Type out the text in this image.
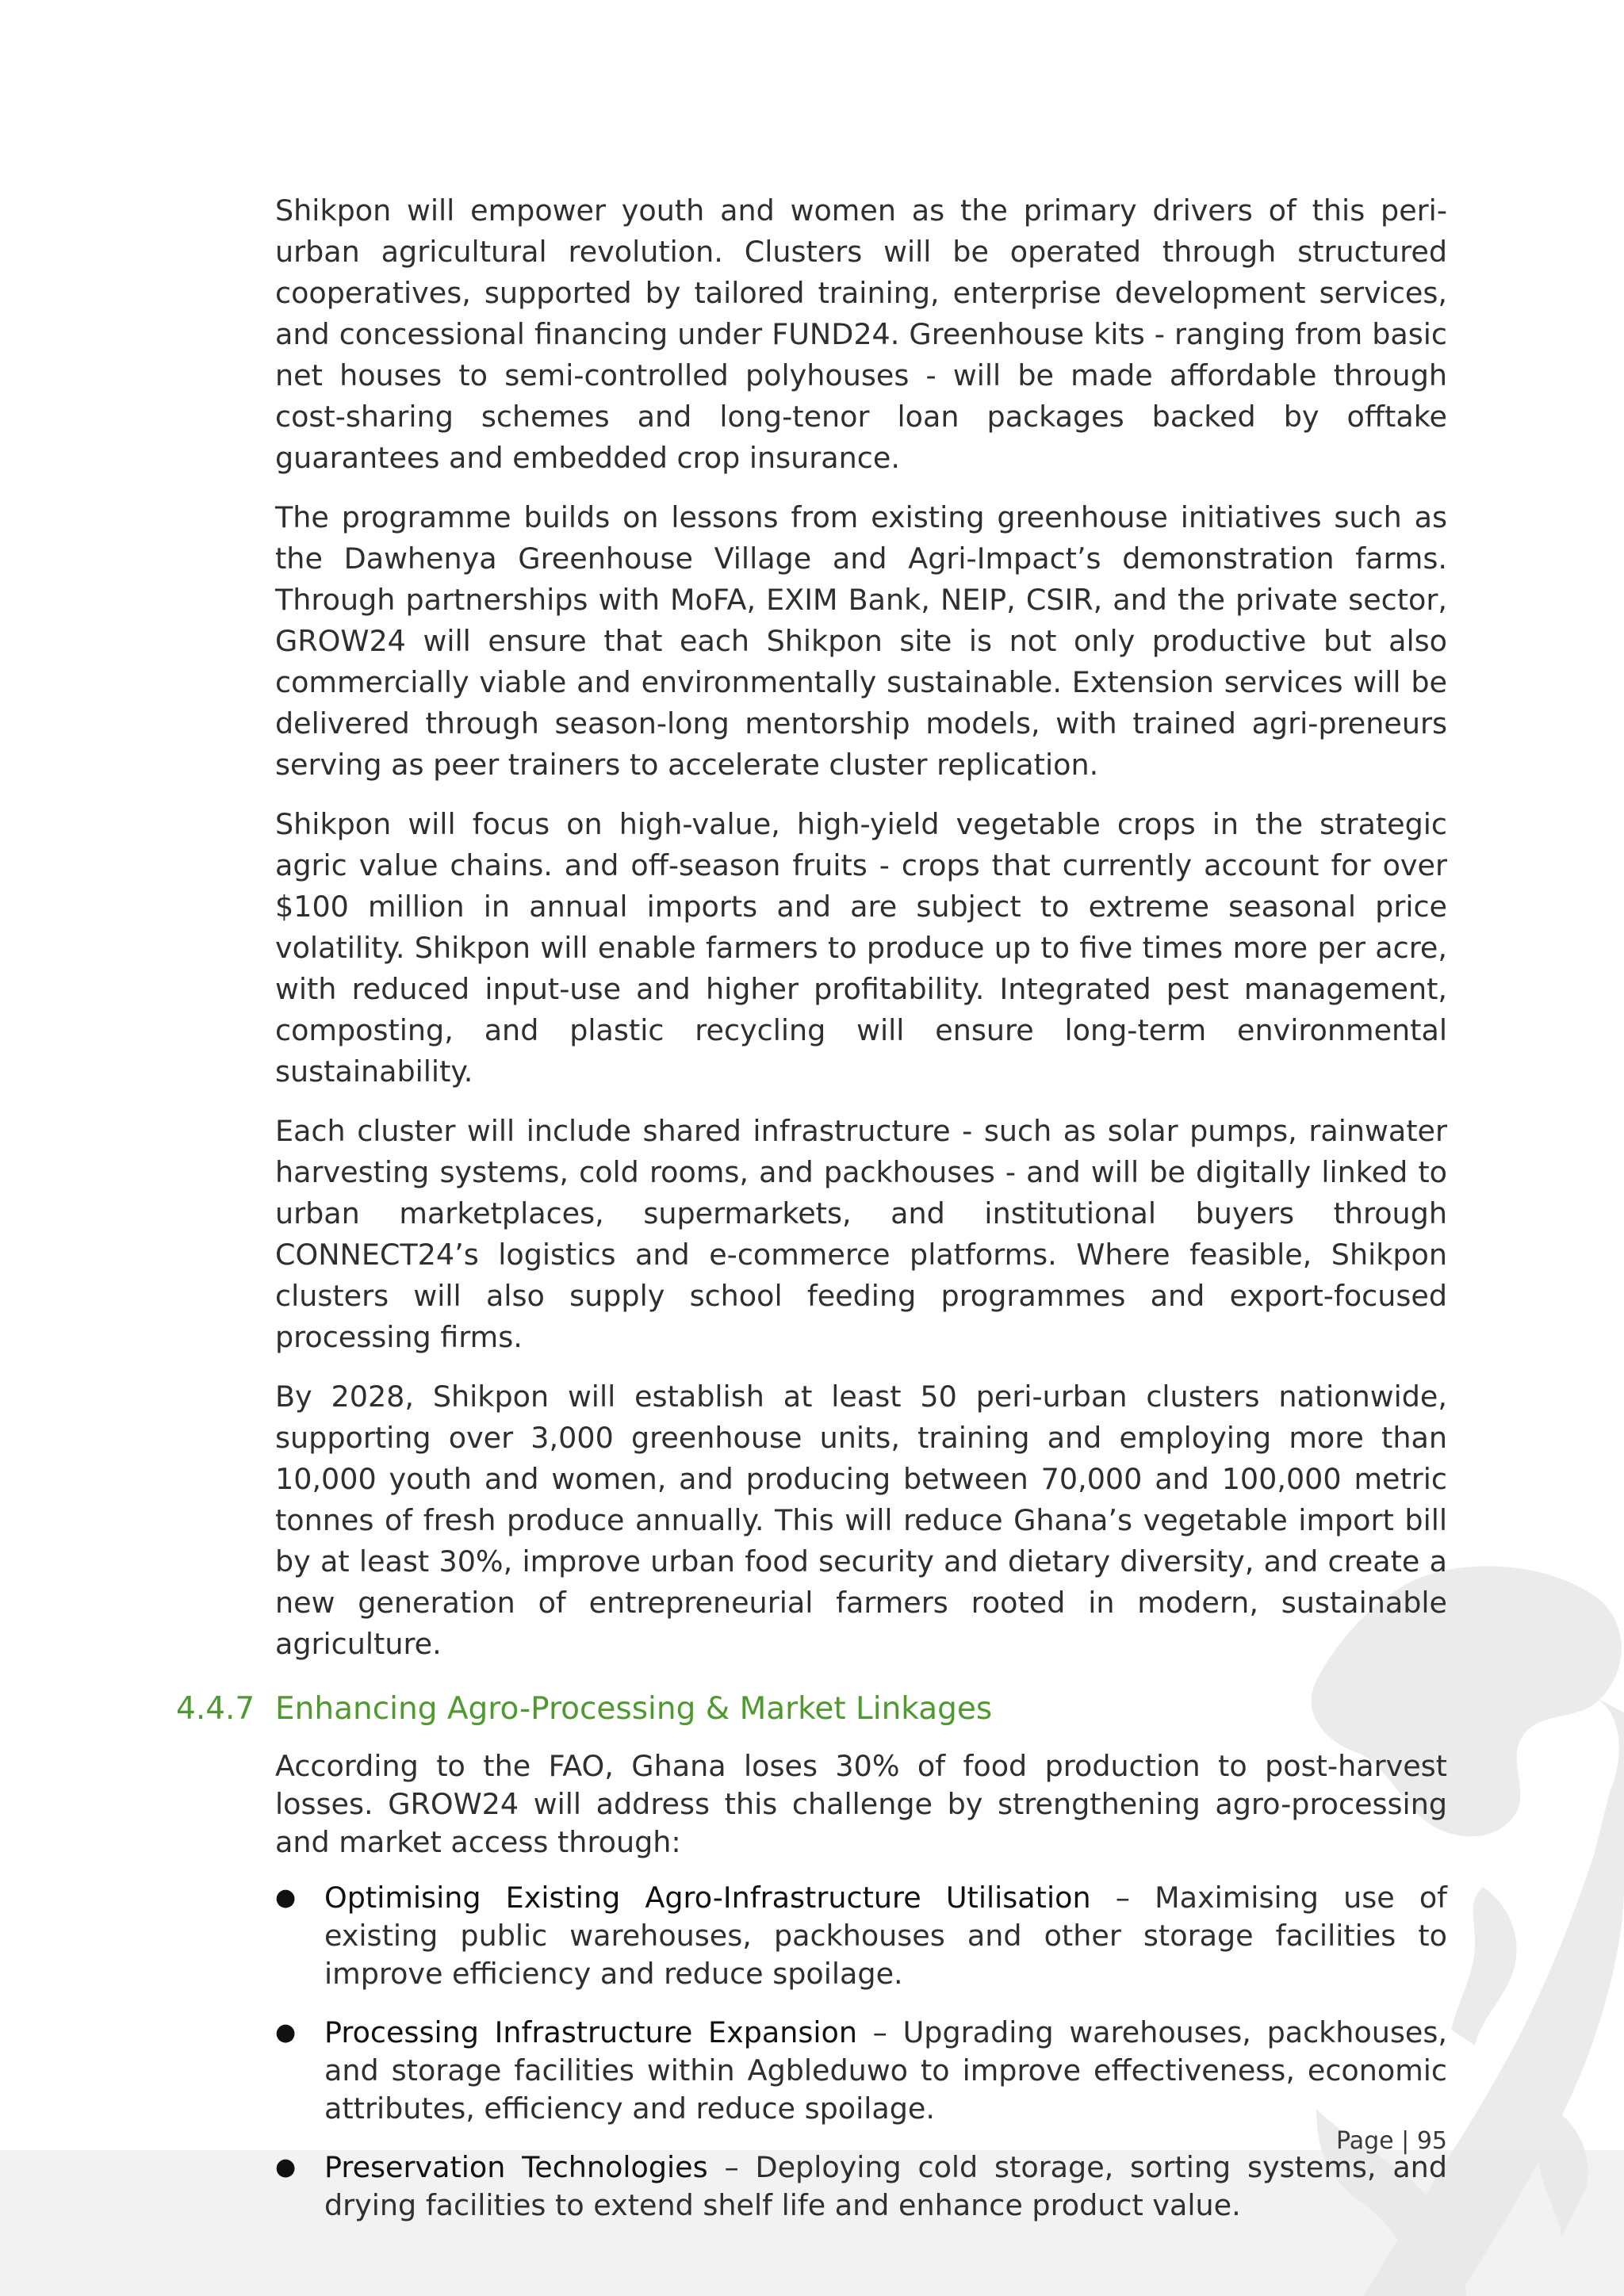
Shikpon will empower youth and women as the primary drivers of this peri-urban agricultural revolution. Clusters will be operated through structured cooperatives, supported by tailored training, enterprise development services, and concessional financing under FUND24. Greenhouse kits - ranging from basic net houses to semi-controlled polyhouses - will be made affordable through cost-sharing schemes and long-tenor loan packages backed by offtake guarantees and embedded crop insurance.

The programme builds on lessons from existing greenhouse initiatives such as the Dawhenya Greenhouse Village and Agri-Impact’s demonstration farms. Through partnerships with MoFA, EXIM Bank, NEIP, CSIR, and the private sector, GROW24 will ensure that each Shikpon site is not only productive but also commercially viable and environmentally sustainable. Extension services will be delivered through season-long mentorship models, with trained agri-preneurs serving as peer trainers to accelerate cluster replication.

Shikpon will focus on high-value, high-yield vegetable crops in the strategic agric value chains. and off-season fruits - crops that currently account for over $100 million in annual imports and are subject to extreme seasonal price volatility. Shikpon will enable farmers to produce up to five times more per acre, with reduced input-use and higher profitability. Integrated pest management, composting, and plastic recycling will ensure long-term environmental sustainability.

Each cluster will include shared infrastructure - such as solar pumps, rainwater harvesting systems, cold rooms, and packhouses - and will be digitally linked to urban marketplaces, supermarkets, and institutional buyers through CONNECT24’s logistics and e-commerce platforms. Where feasible, Shikpon clusters will also supply school feeding programmes and export-focused processing firms.

By 2028, Shikpon will establish at least 50 peri-urban clusters nationwide, supporting over 3,000 greenhouse units, training and employing more than 10,000 youth and women, and producing between 70,000 and 100,000 metric tonnes of fresh produce annually. This will reduce Ghana’s vegetable import bill by at least 30%, improve urban food security and dietary diversity, and create a new generation of entrepreneurial farmers rooted in modern, sustainable agriculture.

4.4.7 Enhancing Agro-Processing & Market Linkages

According to the FAO, Ghana loses 30% of food production to post-harvest losses. GROW24 will address this challenge by strengthening agro-processing and market access through:

● Optimising Existing Agro-Infrastructure Utilisation – Maximising use of existing public warehouses, packhouses and other storage facilities to improve efficiency and reduce spoilage.
● Processing Infrastructure Expansion – Upgrading warehouses, packhouses, and storage facilities within Agbleduwo to improve effectiveness, economic attributes, efficiency and reduce spoilage.
● Preservation Technologies – Deploying cold storage, sorting systems, and drying facilities to extend shelf life and enhance product value.
Page | 95
